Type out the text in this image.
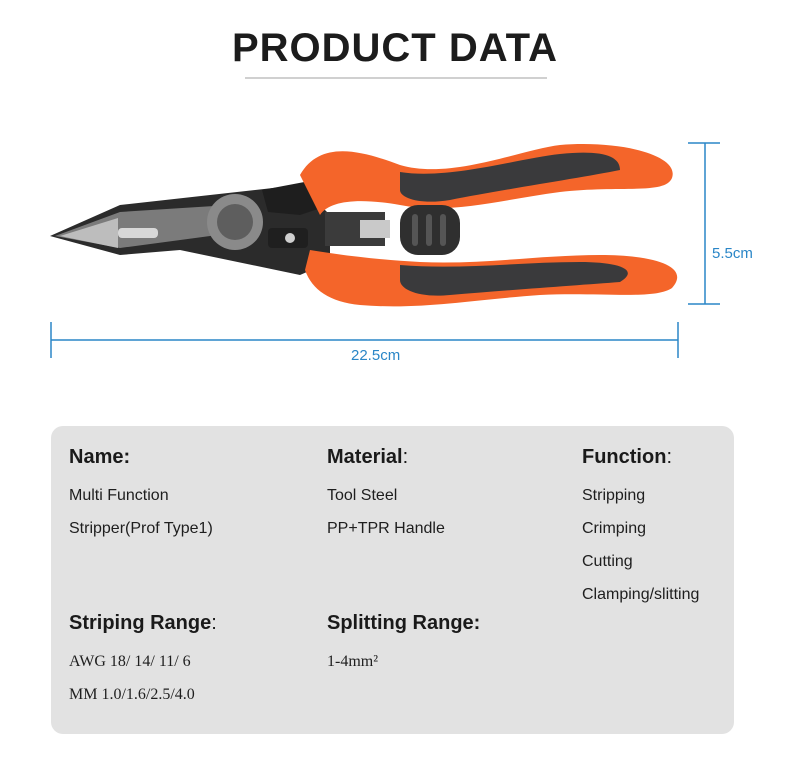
PRODUCT DATA
5.5cm
22.5cm
Name:
Multi Function
Stripper(Prof Type1)
Material:
Tool Steel
PP+TPR Handle
Function:
Stripping
Crimping
Cutting
Clamping/slitting
Striping Range:
AWG 18/ 14/ 11/ 6
MM 1.0/1.6/2.5/4.0
Splitting Range:
1-4mm²
